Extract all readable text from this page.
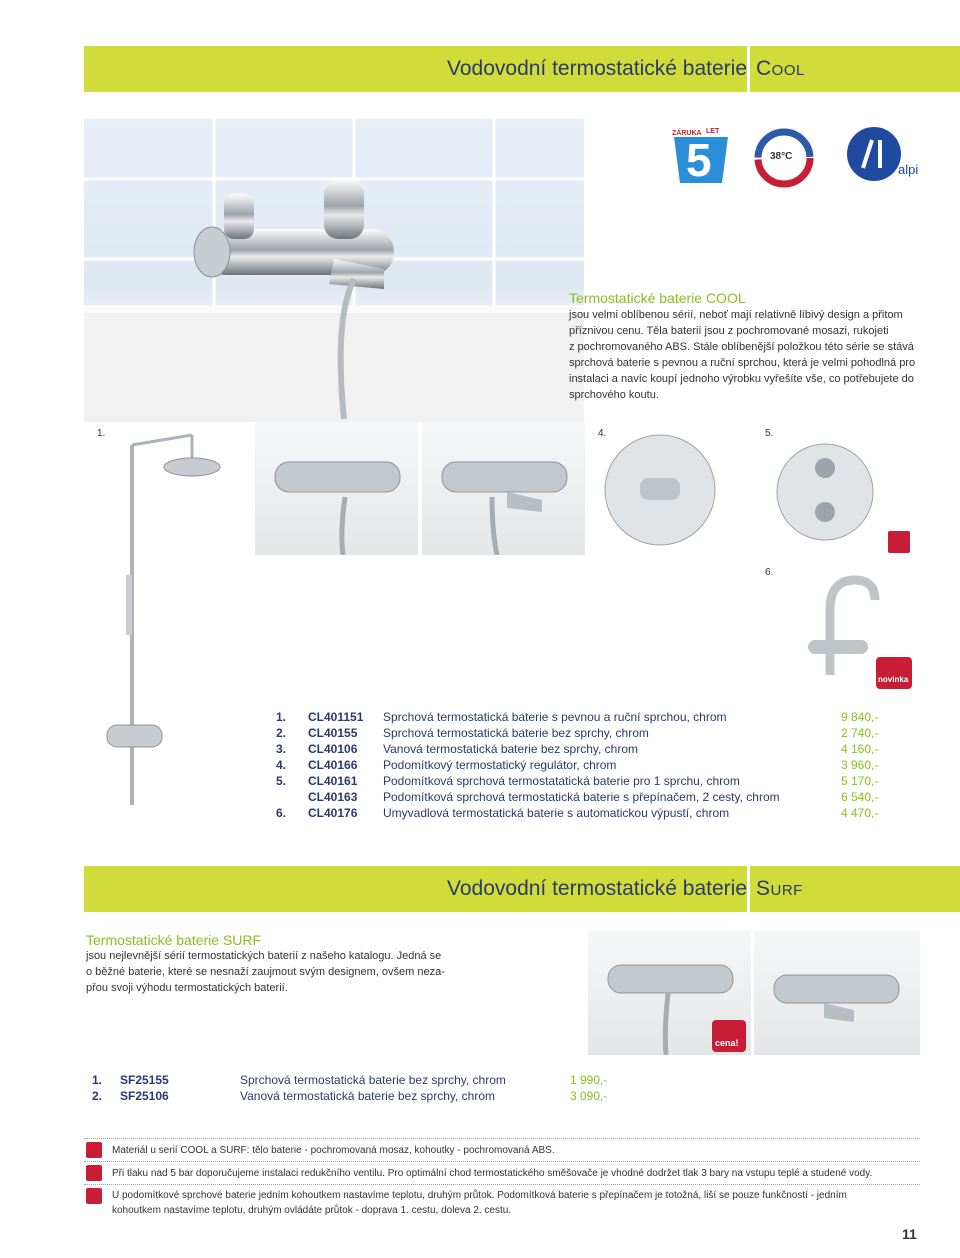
Vodovodní termostatické baterie Cool
ZÁRUKA LET
5	38°C
alpi
Termostatické baterie COOL
jsou velmi oblíbenou sérií, neboť mají relativně líbivý design a přitom
příznivou cenu. Těla baterií jsou z pochromované mosazi, rukojeti
z pochromovaného ABS. Stále oblíbenější položkou této série se stává
sprchová baterie s pevnou a ruční sprchou, která je velmi pohodlná pro
instalaci a navíc koupí jednoho výrobku vyřešíte vše, co potřebujete do
sprchového koutu.
1.	4.	5.
6.
novinka
1. CL401151 Sprchová termostatická baterie s pevnou a ruční sprchou, chrom	9 840,-
2. CL40155 Sprchová termostatická baterie bez sprchy, chrom	2 740,-
3. CL40106 Vanová termostatická baterie bez sprchy, chrom	4 160,-
4. CL40166 Podomítkový termostatický regulátor, chrom	3 960,-
5. CL40161 Podomítková sprchová termostatatická baterie pro 1 sprchu, chrom	5 170,-
CL40163 Podomítková sprchová termostatická baterie s přepínačem, 2 cesty, chrom	6 540,-
6. CL40176 Umyvadlová termostatická baterie s automatickou výpustí, chrom	4 470,-
Vodovodní termostatické baterie Surf
Termostatické baterie SURF
jsou nejlevnější sérií termostatických baterií z našeho katalogu. Jedná se
o běžné baterie, které se nesnaží zaujmout svým designem, ovšem neza-
přou svoji výhodu termostatických baterií.
cena!
1. SF25155	Sprchová termostatická baterie bez sprchy, chrom	1 990,-
2. SF25106	Vanová termostatická baterie bez sprchy, chrom	3 090,-
Materiál u serií COOL a SURF: tělo baterie - pochromovaná mosaz, kohoutky - pochromovaná ABS.
Při tlaku nad 5 bar doporučujeme instalaci redukčního ventilu. Pro optimální chod termostatického směšovače je vhodné dodržet tlak 3 bary na vstupu teplé a studené vody.
U podomítkové sprchové baterie jedním kohoutkem nastavíme teplotu, druhým průtok. Podomítková baterie s přepínačem je totožná, liší se pouze funkčností - jedním
kohoutkem nastavíme teplotu, druhým ovládáte průtok - doprava 1. cestu, doleva 2. cestu.
11
